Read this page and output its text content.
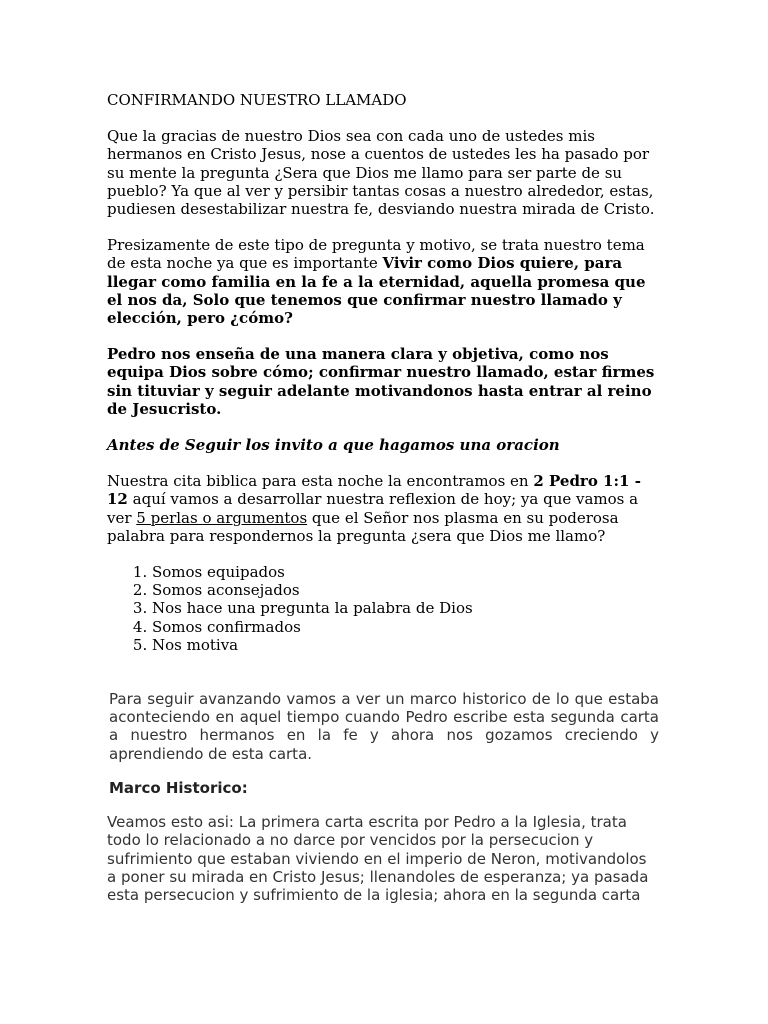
CONFIRMANDO NUESTRO LLAMADO

Que la gracias de nuestro Dios sea con cada uno de ustedes mis hermanos en Cristo Jesus, nose a cuentos de ustedes les ha pasado por su mente la pregunta ¿Sera que Dios me llamo para ser parte de su pueblo? Ya que al ver y persibir tantas cosas a nuestro alrededor, estas, pudiesen desestabilizar nuestra fe, desviando nuestra mirada de Cristo.

Presizamente de este tipo de pregunta y motivo, se trata nuestro tema de esta noche ya que es importante Vivir como Dios quiere, para llegar como familia en la fe a la eternidad, aquella promesa que el nos da, Solo que tenemos que confirmar nuestro llamado y elección, pero ¿cómo?

Pedro nos enseña de una manera clara y objetiva, como nos equipa Dios sobre cómo; confirmar nuestro llamado, estar firmes sin tituviar y seguir adelante motivandonos hasta entrar al reino de Jesucristo.

Antes de Seguir los invito a que hagamos una oracion

Nuestra cita biblica para esta noche la encontramos en 2 Pedro 1:1 - 12 aquí vamos a desarrollar nuestra reflexion de hoy; ya que vamos a ver 5 perlas o argumentos que el Señor nos plasma en su poderosa palabra para respondernos la pregunta ¿sera que Dios me llamo?

1. Somos equipados
2. Somos aconsejados
3. Nos hace una pregunta la palabra de Dios
4. Somos confirmados
5. Nos motiva

Para seguir avanzando vamos a ver un marco historico de lo que estaba aconteciendo en aquel tiempo cuando Pedro escribe esta segunda carta a nuestro hermanos en la fe y ahora nos gozamos creciendo y aprendiendo de esta carta.

Marco Historico:

Veamos esto asi: La primera carta escrita por Pedro a la Iglesia, trata todo lo relacionado a no darce por vencidos por la persecucion y sufrimiento que estaban viviendo en el imperio de Neron, motivandolos a poner su mirada en Cristo Jesus; llenandoles de esperanza; ya pasada esta persecucion y sufrimiento de la iglesia; ahora en la segunda carta
